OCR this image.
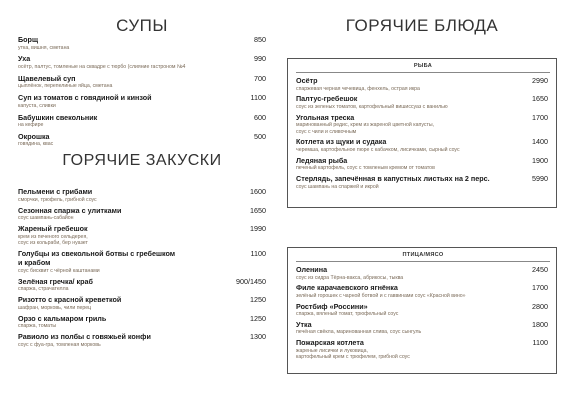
СУПЫ
Борщ
утка, вишня, сметана
850
Уха
осётр, палтус, томленые на сквадре с тюрбо (слияние гастроном №4
990
Щавелевый суп
цыплёнок, перепелиные яйца, сметана
700
Суп из томатов с говядиной и кинзой
капуста, сливки
1100
Бабушкин свекольник
на кефире
600
Окрошка
говядина, квас
500
ГОРЯЧИЕ ЗАКУСКИ
Пельмени с грибами
сморчки, трюфель, грибной соус
1600
Сезонная спаржа с улитками
соус шампань-сабайон
1650
Жареный гребешок
крем из печеного сельдерея,
соус из кольраби, бер нуазет
1990
Голубцы из свекольной ботвы с гребешком
и крабом
соус бисквит с чёрной каштанами
1100
Зелёная гречка/ краб
спаржа, страчателла
900/1450
Ризотто с красной креветкой
шафран, морковь, чили перец
1250
Орзо с кальмаром гриль
спаржа, томаты
1250
Равиоло из полбы с говяжьей конфи
соус с фуа-гра, томленая морковь
1300
ГОРЯЧИЕ БЛЮДА
РЫБА
Осётр
спаржевая черная чечевица, фенхель, острая икра
2990
Палтус-гребешок
соус из зеленых томатов, картофельный вишиссуаз с ванилью
1650
Угольная треска
маринованный редис, крем из жареной цветной капусты,
соус с чили и сливочным
1700
Котлета из щуки и судака
черемша, картофельное пюре с кабачком, лисичками, сырный соус
1400
Ледяная рыба
печеный картофель, соус с томленым кремом от томатов
1900
Стерлядь, запечённая в капустных листьях на 2 перс.
соус шампань на спаржей и икрой
5990
ПТИЦА/МЯСО
Оленина
соус из сидра Тёрна-вакса, абрикосы, тыква
2450
Филе карачаевского ягнёнка
зелёный горошек с чарной ботвой и с гаввинами соус «Красной вино»
1700
Ростбиф «Россини»
спаржа, вяленый томат, трюфельный соус
2800
Утка
печёная свёкла, маринованная слива, соус сынгуль
1800
Пожарская котлета
жареные лисички и луковица,
картофельный крем с трюфелем, грибной соус
1100
